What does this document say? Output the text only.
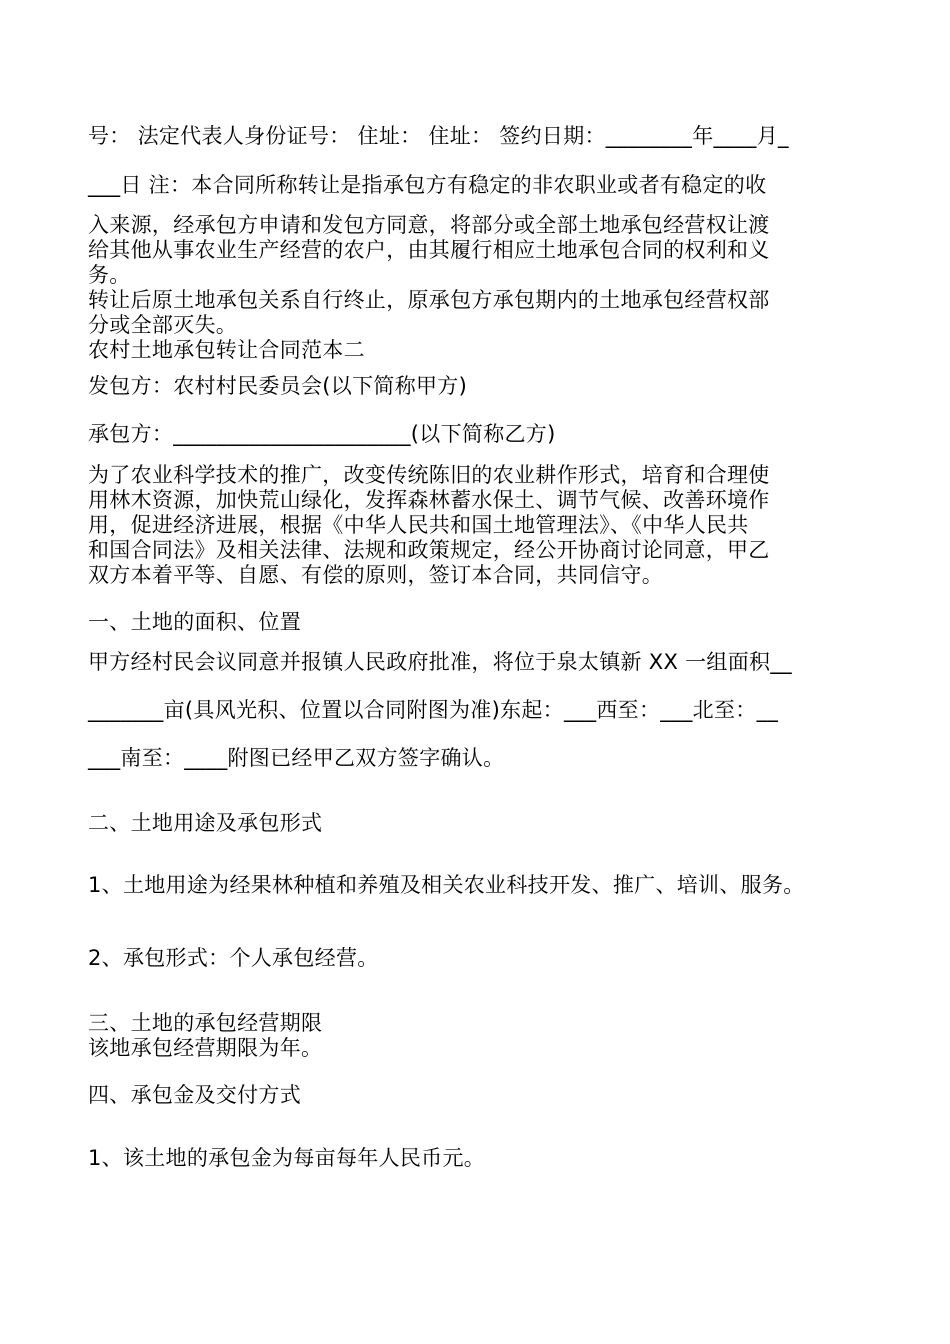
号： 法定代表人身份证号： 住址： 住址： 签约日期：________年____月_
___日 注：本合同所称转让是指承包方有稳定的非农职业或者有稳定的收
入来源，经承包方申请和发包方同意，将部分或全部土地承包经营权让渡
给其他从事农业生产经营的农户，由其履行相应土地承包合同的权利和义
务。
转让后原土地承包关系自行终止，原承包方承包期内的土地承包经营权部
分或全部灭失。
农村土地承包转让合同范本二
发包方：农村村民委员会(以下简称甲方)
承包方：______________________(以下简称乙方)
为了农业科学技术的推广，改变传统陈旧的农业耕作形式，培育和合理使
用林木资源，加快荒山绿化，发挥森林蓄水保土、调节气候、改善环境作
用，促进经济进展，根据《中华人民共和国土地管理法》、《中华人民共
和国合同法》及相关法律、法规和政策规定，经公开协商讨论同意，甲乙
双方本着平等、自愿、有偿的原则，签订本合同，共同信守。
一、土地的面积、位置
甲方经村民会议同意并报镇人民政府批准，将位于泉太镇新 XX 一组面积__
_______亩(具风光积、位置以合同附图为准)东起：___西至：___北至：__
___南至：____附图已经甲乙双方签字确认。
二、土地用途及承包形式
1、土地用途为经果林种植和养殖及相关农业科技开发、推广、培训、服务。
2、承包形式：个人承包经营。
三、土地的承包经营期限
该地承包经营期限为年。
四、承包金及交付方式
1、该土地的承包金为每亩每年人民币元。
